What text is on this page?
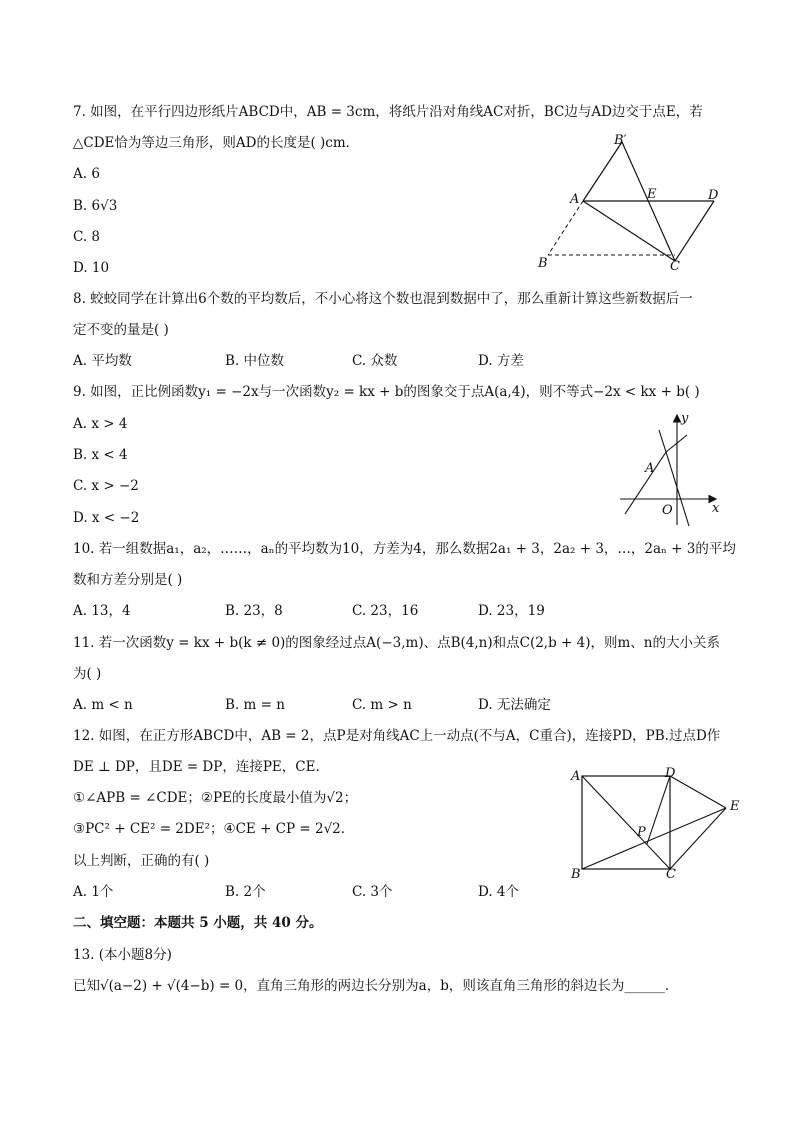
7. 如图，在平行四边形纸片ABCD中，AB = 3cm，将纸片沿对角线AC对折，BC边与AD边交于点E，若
△CDE恰为等边三角形，则AD的长度是( )cm．
A. 6
B. 6√3
C. 8
D. 10
B′
A	E	D
B	C
8. 蛟蛟同学在计算出6个数的平均数后，不小心将这个数也混到数据中了，那么重新计算这些新数据后一
定不变的量是( )
A. 平均数	B. 中位数	C. 众数	D. 方差
9. 如图，正比例函数y₁ = −2x与一次函数y₂ = kx + b的图象交于点A(a,4)，则不等式−2x < kx + b( )
A. x > 4
B. x < 4
C. x > −2
D. x < −2
y
x
A
O
10. 若一组数据a₁，a₂，……，aₙ的平均数为10，方差为4，那么数据2a₁ + 3，2a₂ + 3，…，2aₙ + 3的平均
数和方差分别是( )
A. 13，4	B. 23，8	C. 23，16	D. 23，19
11. 若一次函数y = kx + b(k ≠ 0)的图象经过点A(−3,m)、点B(4,n)和点C(2,b + 4)，则m、n的大小关系
为( )
A. m < n	B. m = n	C. m > n	D. 无法确定
12. 如图，在正方形ABCD中，AB = 2，点P是对角线AC上一动点(不与A，C重合)，连接PD，PB.过点D作
DE ⊥ DP，且DE = DP，连接PE，CE．
①∠APB = ∠CDE；②PE的长度最小值为√2；
③PC² + CE² = 2DE²；④CE + CP = 2√2．
以上判断，正确的有( )
A. 1个	B. 2个	C. 3个	D. 4个
A	D
E
P
B	C
二、填空题：本题共 5 小题，共 40 分。
13. (本小题8分)
已知√(a−2) + √(4−b) = 0，直角三角形的两边长分别为a，b，则该直角三角形的斜边长为______．
